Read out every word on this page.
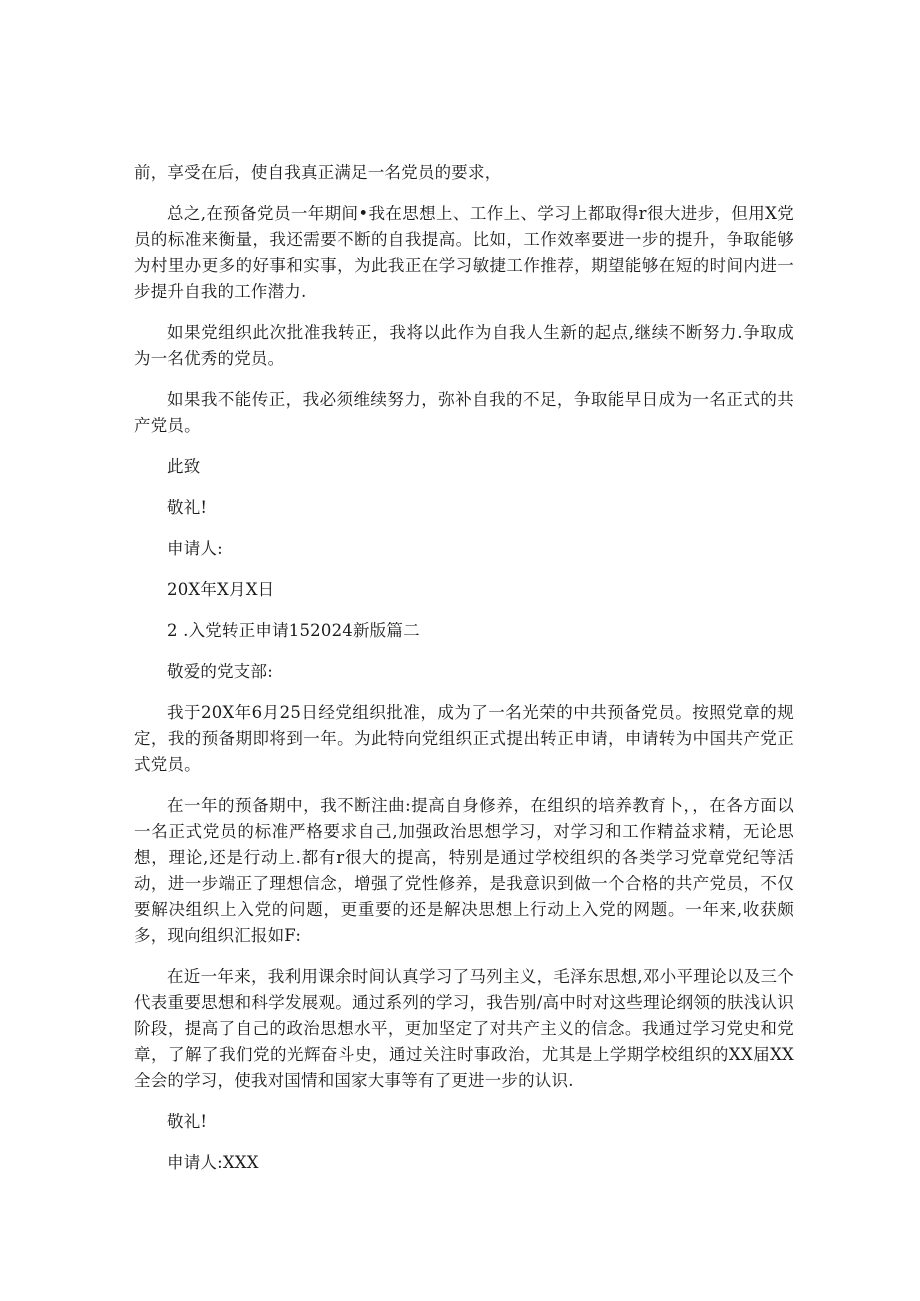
前，享受在后，使自我真正满足一名党员的要求，

总之,在预备党员一年期间•我在思想上、工作上、学习上都取得r很大进步，但用X党员的标准来衡量，我还需要不断的自我提高。比如，工作效率要进一步的提升，争取能够为村里办更多的好事和实事，为此我正在学习敏捷工作推荐，期望能够在短的时间内进一步提升自我的工作潜力.

如果党组织此次批准我转正，我将以此作为自我人生新的起点,继续不断努力.争取成为一名优秀的党员。

如果我不能传正，我必须维续努力，弥补自我的不足，争取能早日成为一名正式的共产党员。

此致

敬礼!

申请人:

20X年X月X日

2 .入党转正申请152024新版篇二

敬爱的党支部:

我于20X年6月25日经党组织批准，成为了一名光荣的中共预备党员。按照党章的规定，我的预备期即将到一年。为此特向党组织正式提出转正申请，申请转为中国共产党正式党员。

在一年的预备期中，我不断注曲:提高自身修养，在组织的培养教育卜，，在各方面以一名正式党员的标准严格要求自己,加强政治思想学习，对学习和工作精益求精，无论思想，理论,还是行动上.都有r很大的提高，特别是通过学校组织的各类学习党章党纪等活动，进一步端正了理想信念，增强了党性修养，是我意识到做一个合格的共产党员，不仅要解决组织上入党的问题，更重要的还是解决思想上行动上入党的网题。一年来,收获颇多，现向组织汇报如F:

在近一年来，我利用课余时间认真学习了马列主义，毛泽东思想,邓小平理论以及三个代表重要思想和科学发展观。通过系列的学习，我告别/高中时对这些理论纲领的肤浅认识阶段，提高了自己的政治思想水平，更加坚定了对共产主义的信念。我通过学习党史和党章，了解了我们党的光辉奋斗史，通过关注时事政治，尤其是上学期学校组织的XX届XX全会的学习，使我对国情和国家大事等有了更进一步的认识.

敬礼!

申请人:XXX
